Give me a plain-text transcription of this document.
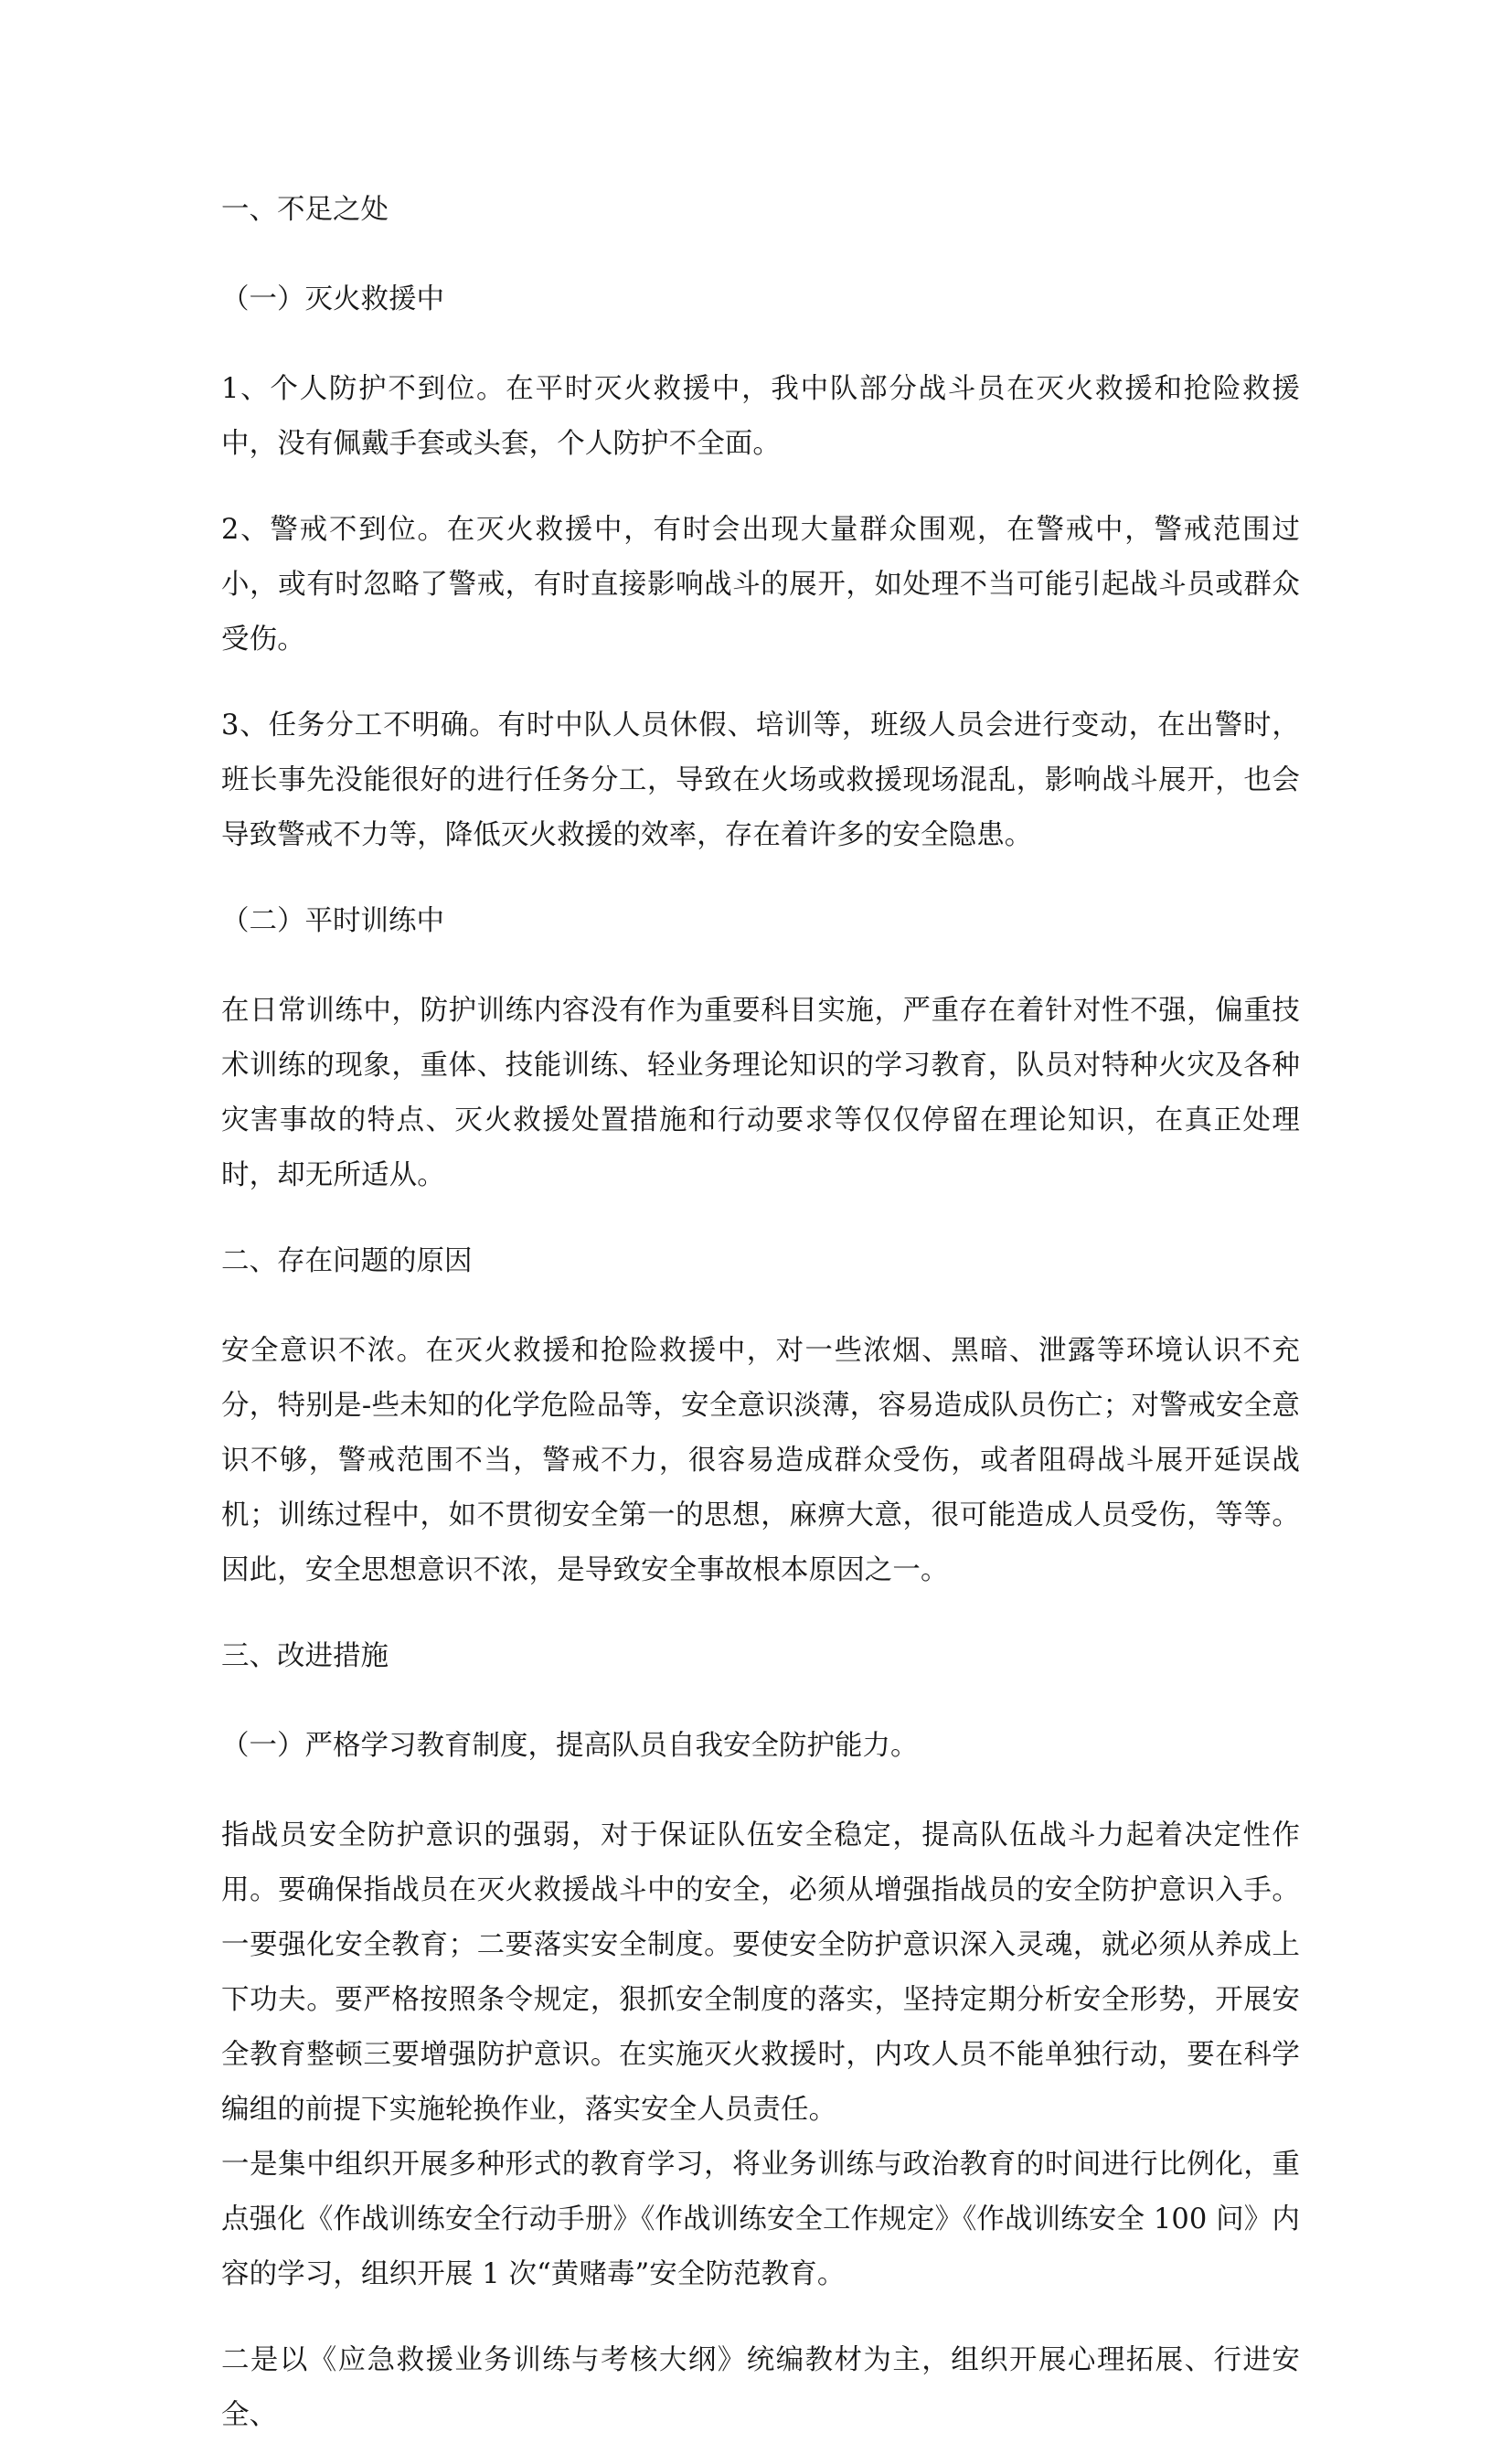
一、不足之处
（一）灭火救援中

1、个人防护不到位。在平时灭火救援中，我中队部分战斗员在灭火救援和抢险救援中，没有佩戴手套或头套，个人防护不全面。

2、警戒不到位。在灭火救援中，有时会出现大量群众围观，在警戒中，警戒范围过小，或有时忽略了警戒，有时直接影响战斗的展开，如处理不当可能引起战斗员或群众受伤。

3、任务分工不明确。有时中队人员休假、培训等，班级人员会进行变动，在出警时，班长事先没能很好的进行任务分工，导致在火场或救援现场混乱，影响战斗展开，也会导致警戒不力等，降低灭火救援的效率，存在着许多的安全隐患。

（二）平时训练中

在日常训练中，防护训练内容没有作为重要科目实施，严重存在着针对性不强，偏重技术训练的现象，重体、技能训练、轻业务理论知识的学习教育，队员对特种火灾及各种灾害事故的特点、灭火救援处置措施和行动要求等仅仅停留在理论知识，在真正处理时，却无所适从。

二、存在问题的原因

安全意识不浓。在灭火救援和抢险救援中，对一些浓烟、黑暗、泄露等环境认识不充分，特别是-些未知的化学危险品等，安全意识淡薄，容易造成队员伤亡；对警戒安全意识不够，警戒范围不当，警戒不力，很容易造成群众受伤，或者阻碍战斗展开延误战机；训练过程中，如不贯彻安全第一的思想，麻痹大意，很可能造成人员受伤，等等。因此，安全思想意识不浓，是导致安全事故根本原因之一。

三、改进措施
（一）严格学习教育制度，提高队员自我安全防护能力。

指战员安全防护意识的强弱，对于保证队伍安全稳定，提高队伍战斗力起着决定性作用。要确保指战员在灭火救援战斗中的安全，必须从增强指战员的安全防护意识入手。一要强化安全教育；二要落实安全制度。要使安全防护意识深入灵魂，就必须从养成上下功夫。要严格按照条令规定，狠抓安全制度的落实，坚持定期分析安全形势，开展安全教育整顿三要增强防护意识。在实施灭火救援时，内攻人员不能单独行动，要在科学编组的前提下实施轮换作业，落实安全人员责任。

一是集中组织开展多种形式的教育学习，将业务训练与政治教育的时间进行比例化，重点强化《作战训练安全行动手册》《作战训练安全工作规定》《作战训练安全 100 问》内容的学习，组织开展 1 次“黄赌毒”安全防范教育。

二是以《应急救援业务训练与考核大纲》统编教材为主，组织开展心理拓展、行进安全、
